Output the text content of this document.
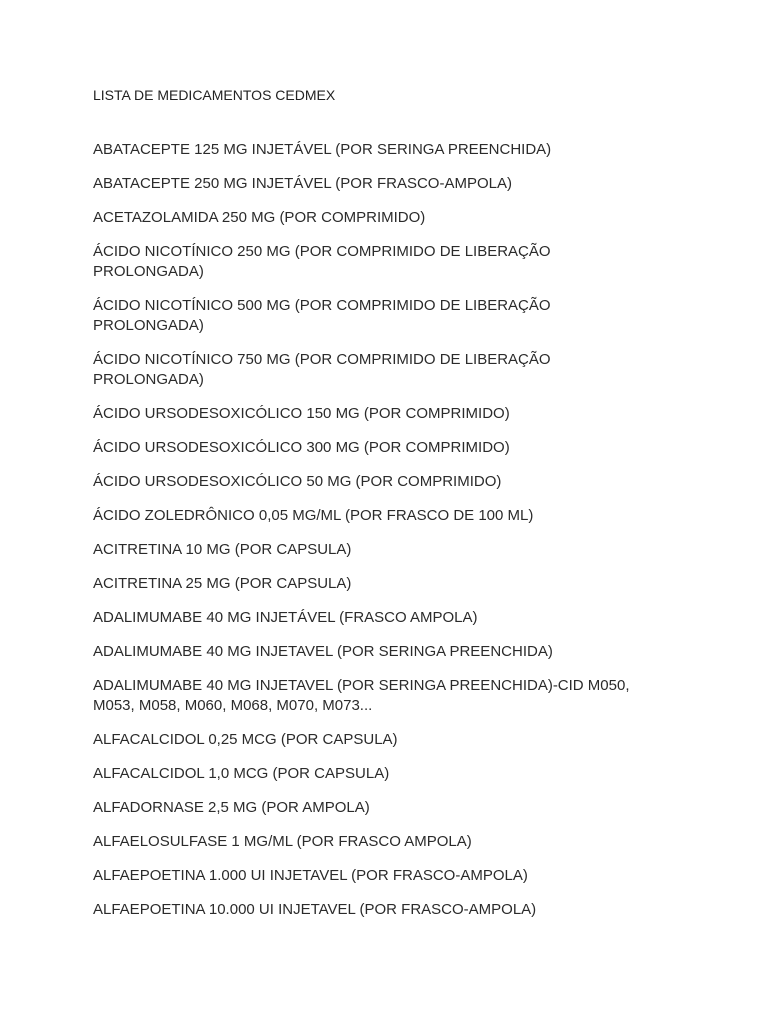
LISTA DE MEDICAMENTOS CEDMEX
ABATACEPTE 125 MG INJETÁVEL (POR SERINGA PREENCHIDA)
ABATACEPTE 250 MG INJETÁVEL (POR FRASCO-AMPOLA)
ACETAZOLAMIDA 250 MG (POR COMPRIMIDO)
ÁCIDO NICOTÍNICO 250 MG (POR COMPRIMIDO DE LIBERAÇÃO PROLONGADA)
ÁCIDO NICOTÍNICO 500 MG (POR COMPRIMIDO DE LIBERAÇÃO PROLONGADA)
ÁCIDO NICOTÍNICO 750 MG (POR COMPRIMIDO DE LIBERAÇÃO PROLONGADA)
ÁCIDO URSODESOXICÓLICO 150 MG (POR COMPRIMIDO)
ÁCIDO URSODESOXICÓLICO 300 MG (POR COMPRIMIDO)
ÁCIDO URSODESOXICÓLICO 50 MG (POR COMPRIMIDO)
ÁCIDO ZOLEDRÔNICO 0,05 MG/ML (POR FRASCO DE 100 ML)
ACITRETINA 10 MG (POR CAPSULA)
ACITRETINA 25 MG (POR CAPSULA)
ADALIMUMABE 40 MG INJETÁVEL (FRASCO AMPOLA)
ADALIMUMABE 40 MG INJETAVEL (POR SERINGA PREENCHIDA)
ADALIMUMABE 40 MG INJETAVEL (POR SERINGA PREENCHIDA)-CID M050, M053, M058, M060, M068, M070, M073...
ALFACALCIDOL 0,25 MCG (POR CAPSULA)
ALFACALCIDOL 1,0 MCG (POR CAPSULA)
ALFADORNASE 2,5 MG (POR AMPOLA)
ALFAELOSULFASE 1 MG/ML (POR FRASCO AMPOLA)
ALFAEPOETINA 1.000 UI INJETAVEL (POR FRASCO-AMPOLA)
ALFAEPOETINA 10.000 UI INJETAVEL (POR FRASCO-AMPOLA)
